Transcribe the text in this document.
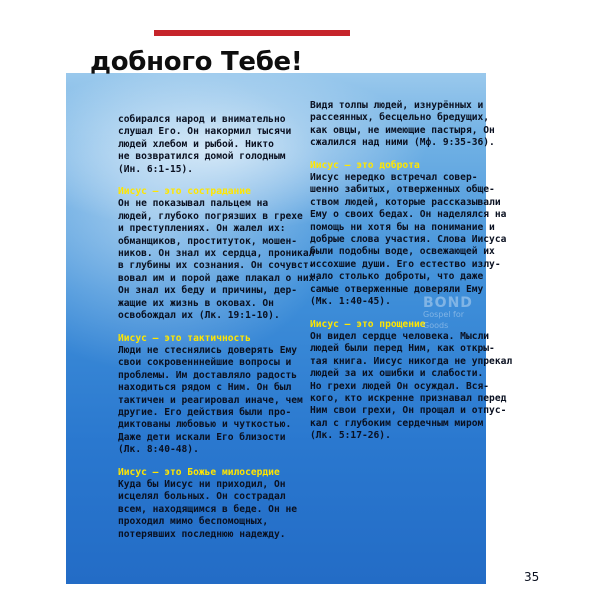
добного Тебе!

собирался народ и внимательно
слушал Его. Он накормил тысячи
людей хлебом и рыбой. Никто
не возвратился домой голодным
(Ин. 6:1-15).

Иисус – это сострадание
Он не показывал пальцем на
людей, глубоко погрязших в грехе
и преступлениях. Он жалел их:
обманщиков, проституток, мошен-
ников. Он знал их сердца, проникал
в глубины их сознания. Он сочувст-
вовал им и порой даже плакал о них.
Он знал их беду и причины, дер-
жащие их жизнь в оковах. Он
освобождал их (Лк. 19:1-10).

Иисус – это тактичность
Люди не стеснялись доверять Ему
свои сокровенннейшие вопросы и
проблемы. Им доставляло радость
находиться рядом с Ним. Он был
тактичен и реагировал иначе, чем
другие. Его действия были про-
диктованы любовью и чуткостью.
Даже дети искали Его близости
(Лк. 8:40-48).

Иисус – это Божье милосердие
Куда бы Иисус ни приходил, Он
исцелял больных. Он сострадал
всем, находящимся в беде. Он не
проходил мимо беспомощных,
потерявших последнюю надежду.

Видя толпы людей, изнурённых и
рассеянных, бесцельно бредущих,
как овцы, не имеющие пастыря, Он
сжалился над ними (Мф. 9:35-36).

Иисус – это доброта
Иисус нередко встречал совер-
шенно забитых, отверженных обще-
ством людей, которые рассказывали
Ему о своих бедах. Он наделялся на
помощь ни хотя бы на понимание и
добрые слова участия. Слова Иисуса
были подобны воде, освежающей их
иссохшие души. Его естество излу-
чало столько доброты, что даже
самые отверженные доверяли Ему
(Мк. 1:40-45).

Иисус – это прощение
Он видел сердце человека. Мысли
людей были перед Ним, как откры-
тая книга. Иисус никогда не упрекал
людей за их ошибки и слабости.
Но грехи людей Он осуждал. Вся-
кого, кто искренне признавал перед
Ним свои грехи, Он прощал и отпус-
кал с глубоким сердечным миром
(Лк. 5:17-26).

BOND
Gospel for Goods
35
